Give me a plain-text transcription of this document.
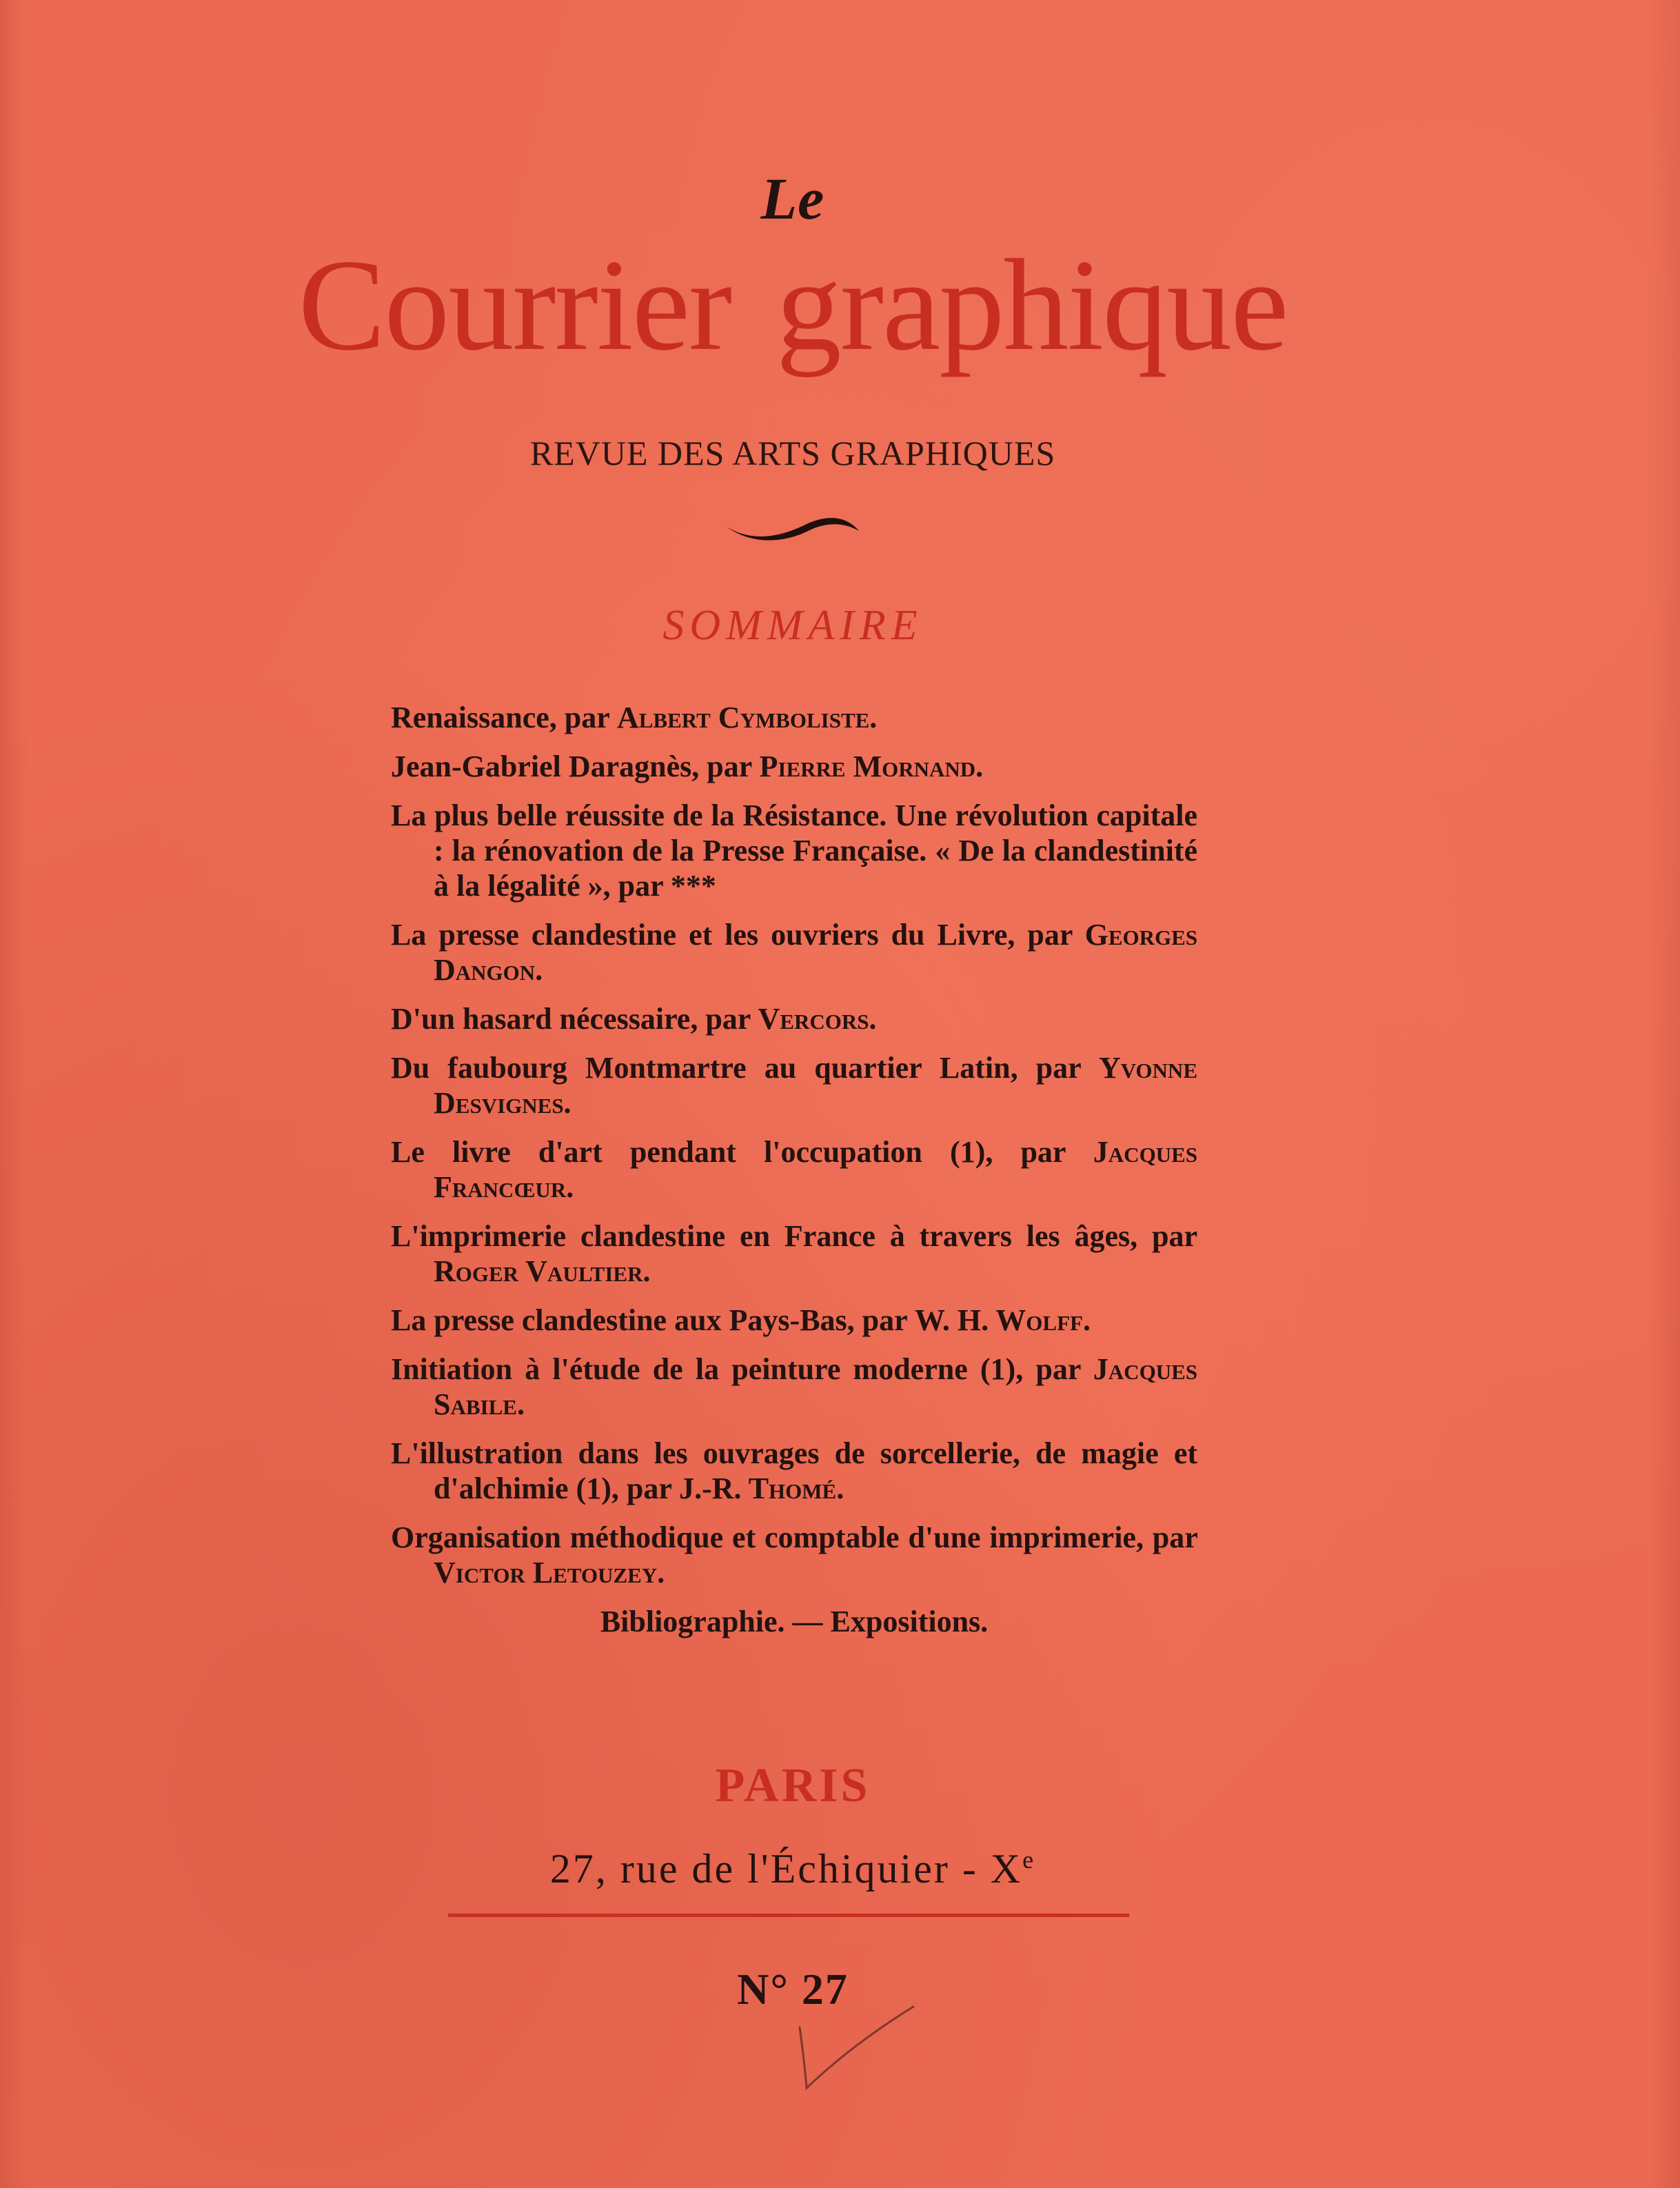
Le
Courrier graphique
REVUE DES ARTS GRAPHIQUES
SOMMAIRE
Renaissance, par Albert Cymboliste.
Jean-Gabriel Daragnès, par Pierre Mornand.
La plus belle réussite de la Résistance. Une révolution capitale : la rénovation de la Presse Française. « De la clandestinité à la légalité », par ***
La presse clandestine et les ouvriers du Livre, par Georges Dangon.
D'un hasard nécessaire, par Vercors.
Du faubourg Montmartre au quartier Latin, par Yvonne Desvignes.
Le livre d'art pendant l'occupation (1), par Jacques Francœur.
L'imprimerie clandestine en France à travers les âges, par Roger Vaultier.
La presse clandestine aux Pays-Bas, par W. H. Wolff.
Initiation à l'étude de la peinture moderne (1), par Jacques Sabile.
L'illustration dans les ouvrages de sorcellerie, de magie et d'alchimie (1), par J.-R. Thomé.
Organisation méthodique et comptable d'une imprimerie, par Victor Letouzey.
Bibliographie. — Expositions.
PARIS
27, rue de l'Échiquier - Xe
N° 27
